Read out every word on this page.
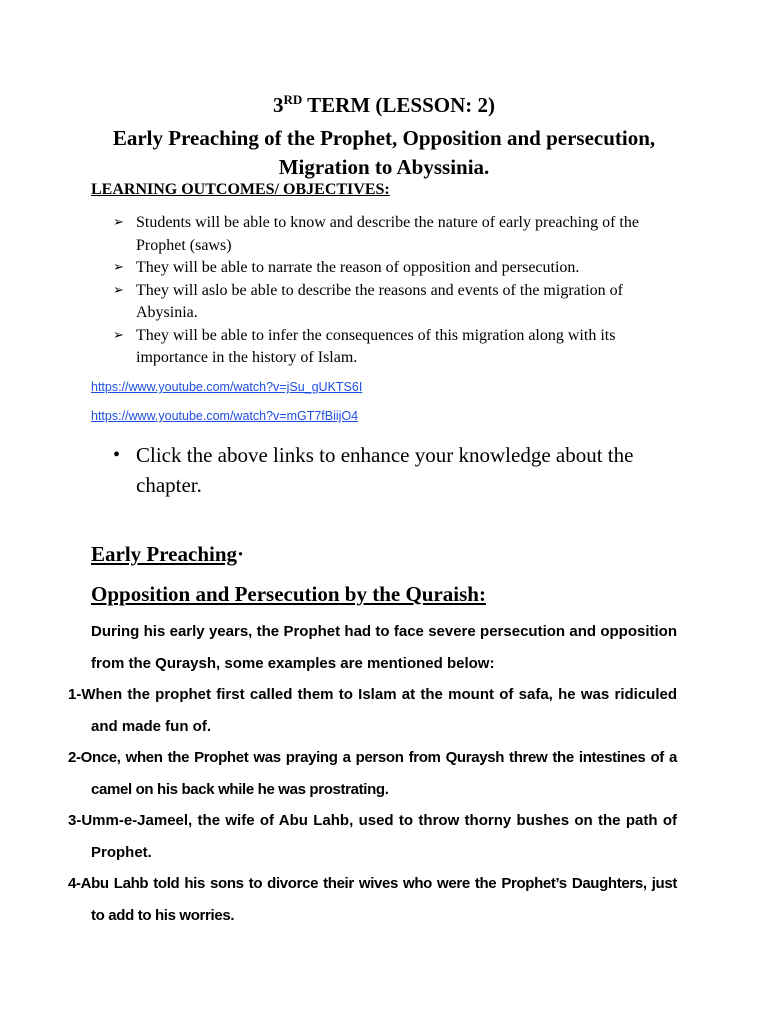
3RD TERM (LESSON: 2)
Early Preaching of the Prophet, Opposition and persecution,
Migration to Abyssinia.
LEARNING OUTCOMES/ OBJECTIVES:
➢ Students will be able to know and describe the nature of early preaching of the Prophet (saws)
➢ They will be able to narrate the reason of opposition and persecution.
➢ They will aslo be able to describe the reasons and events of the migration of Abysinia.
➢ They will be able to infer the consequences of this migration along with its importance in the history of Islam.
https://www.youtube.com/watch?v=jSu_gUKTS6I
https://www.youtube.com/watch?v=mGT7fBiijO4
• Click the above links to enhance your knowledge about the chapter.
Early Preaching·
Opposition and Persecution by the Quraish:
During his early years, the Prophet had to face severe persecution and opposition from the Quraysh, some examples are mentioned below:
1-When the prophet first called them to Islam at the mount of safa, he was ridiculed and made fun of.
2-Once, when the Prophet was praying a person from Quraysh threw the intestines of a camel on his back while he was prostrating.
3-Umm-e-Jameel, the wife of Abu Lahb, used to throw thorny bushes on the path of Prophet.
4-Abu Lahb told his sons to divorce their wives who were the Prophet’s Daughters, just to add to his worries.
